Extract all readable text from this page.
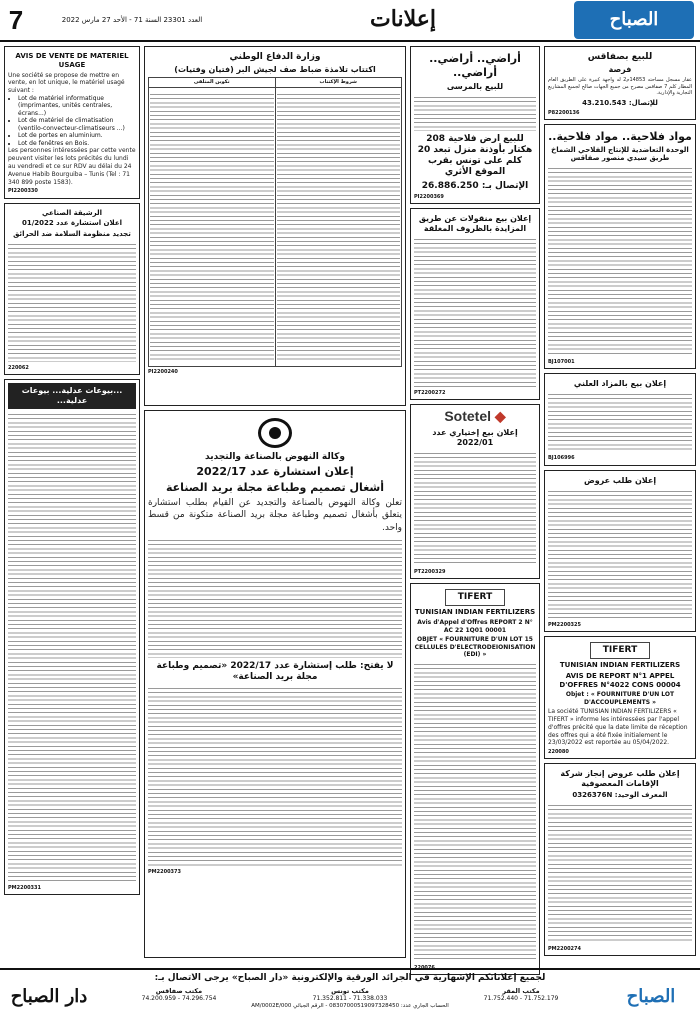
7	العدد 23301 السنة 71 - الأحد 27 مارس 2022	إعلانات	الصباح
للبيع بصفاقس
فرصة
عقار مسجل مساحته 14853م2 له واجهة كبيرة على الطريق العام المطار كلم 7 صفاقس مصرح من جميع الجهات صالح لجميع المشاريع التجارية والإدارية.
للإتصال: 43.210.543
P82200136
مواد فلاحية.. مواد فلاحية..
الوحدة التعاضدية للإنتاج الفلاحي الشماخ طريق سيدي منصور صفاقس
BJ107001
إعلان بيع بالمزاد العلني
BJ106996
إعلان طلب عروض
PM2200325
TIFERT
TUNISIAN INDIAN FERTILIZERS
AVIS DE REPORT N°1 APPEL D'OFFRES N°4022 CONS 00004
Objet : « FOURNITURE D'UN LOT D'ACCOUPLEMENTS »
La société TUNISIAN INDIAN FERTILIZERS « TIFERT » informe les intéressées par l'appel d'offres précité que la date limite de réception des offres qui a été fixée initialement le 23/03/2022 est reportée au 05/04/2022.
220080
إعلان طلب عروض إنجاز شركة الإقامات المعصوفية
المعرف الوحيد: 0326376N
PM2200274
أراضي.. أراضي.. أراضي..
للبيع بالمرسى
للبيع ارض فلاحية 208 هكتار بأوذنة منزل تبعد 20 كلم على تونس بقرب الموقع الأثري
الإتصال بـ: 26.886.250
PI2200369
إعلان بيع منقولات عن طريق المزايدة بالظروف المغلقة
PT2200272
◆ Sotetel
إعلان بيع إختياري عدد 2022/01
PT2200329
TIFERT
TUNISIAN INDIAN FERTILIZERS
Avis d'Appel d'Offres REPORT 2 N° AC 22 1Q01 00001
OBJET « FOURNITURE D'UN LOT 15 CELLULES D'ELECTRODEIONISATION (EDI) »
220076
وزارة الدفاع الوطني
اكتتاب تلامذة ضباط صف لجيش البر (فتيان وفتيات)
شروط الإكتتاب	تكوين المتلقى

PI2200240
وكالة النهوض بالصناعة والتجديد
إعلان استشارة عدد 2022/17
أشغال تصميم وطباعة مجلة بريد الصناعة
تعلن وكالة النهوض بالصناعة والتجديد عن القيام بطلب استشارة يتعلق بأشغال تصميم وطباعة مجلة بريد الصناعة متكونة من قسط واحد.
لا يفتح: طلب إستشارة عدد 2022/17 «تصميم وطباعة مجلة بريد الصناعة»
PM2200373
AVIS DE VENTE DE MATERIEL USAGE
Une société se propose de mettre en vente, en lot unique, le matériel usagé suivant :
• Lot de matériel informatique (imprimantes, unités centrales, écrans...)
• Lot de matériel de climatisation (ventilo-convecteur-climatiseurs ...)
• Lot de portes en aluminium.
• Lot de fenêtres en Bois.
Les personnes intéressées par cette vente peuvent visiter les lots précités du lundi au vendredi et ce sur RDV au délai du 24 Avenue Habib Bourguiba – Tunis (Tel : 71 340 899 poste 1583).
PI2200330
الرشيقة الصناعي
اعلان استشارة عدد 01/2022
تجديد منظومة السلامة ضد الحرائق
220062
...بيوعات عدلية... بيوعات عدلية...
PM2200331
دار الصباح	الصباح
لجميع إعلاناتكم الإشهارية في الجرائد الورقية والإلكترونية «دار الصباح» يرجى الاتصال بـ:
مكتب المقر
71.752.179 - 71.752.440
مكتب تونس
71.338.033 - 71.352.811
مكتب صفاقس
74.296.754 - 74.200.959
الحساب الجاري عدد: 08307000519097328450 - الرقم الجبائي 000/AM/0002E
